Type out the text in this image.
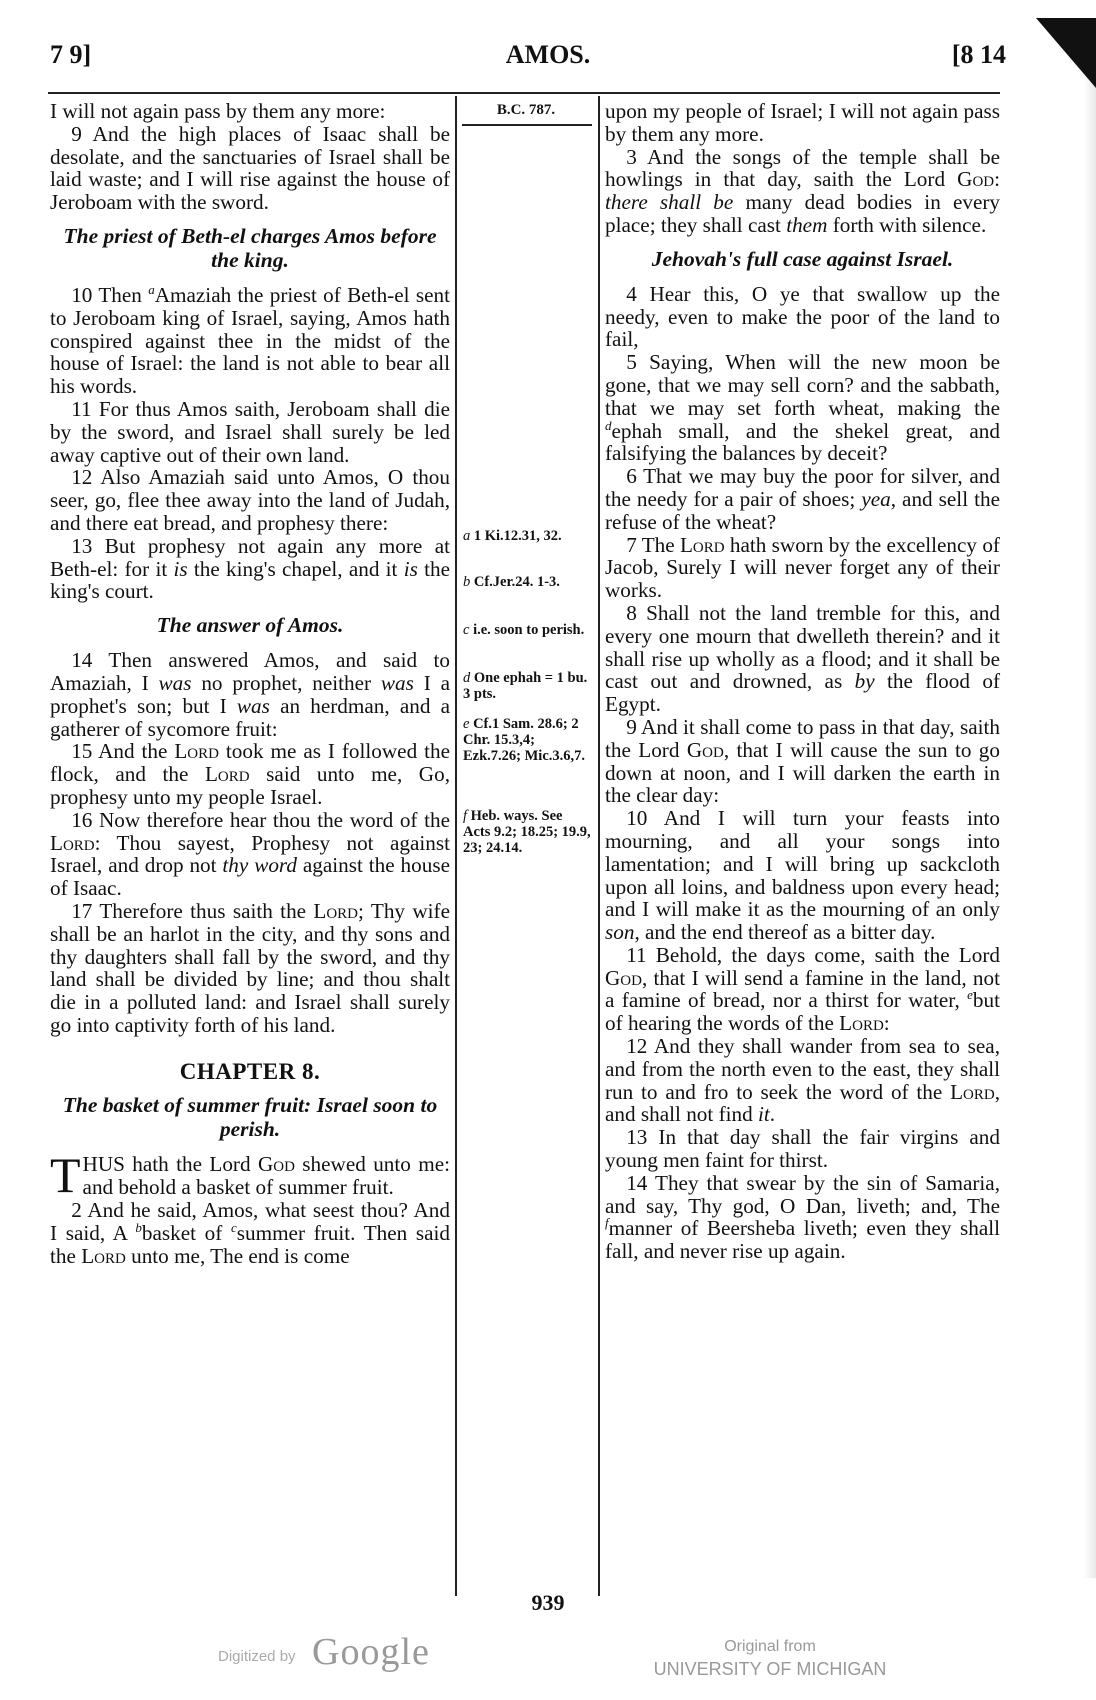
7 9]	AMOS.	[8 14

I will not again pass by them any more:

9 And the high places of Isaac shall be desolate, and the sanctuaries of Israel shall be laid waste; and I will rise against the house of Jeroboam with the sword.

The priest of Beth-el charges Amos before the king.

10 Then $^a$Amaziah the priest of Beth-el sent to Jeroboam king of Israel, saying, Amos hath conspired against thee in the midst of the house of Israel: the land is not able to bear all his words.

11 For thus Amos saith, Jeroboam shall die by the sword, and Israel shall surely be led away captive out of their own land.

12 Also Amaziah said unto Amos, O thou seer, go, flee thee away into the land of Judah, and there eat bread, and prophesy there:

13 But prophesy not again any more at Beth-el: for it is the king's chapel, and it is the king's court.

The answer of Amos.

14 Then answered Amos, and said to Amaziah, I was no prophet, neither was I a prophet's son; but I was an herdman, and a gatherer of sycomore fruit:

15 And the Lord took me as I followed the flock, and the Lord said unto me, Go, prophesy unto my people Israel.

16 Now therefore hear thou the word of the Lord: Thou sayest, Prophesy not against Israel, and drop not thy word against the house of Isaac.

17 Therefore thus saith the Lord; Thy wife shall be an harlot in the city, and thy sons and thy daughters shall fall by the sword, and thy land shall be divided by line; and thou shalt die in a polluted land: and Israel shall surely go into captivity forth of his land.

CHAPTER 8.

The basket of summer fruit: Israel soon to perish.

THUS hath the Lord God shewed unto me: and behold a basket of summer fruit.

2 And he said, Amos, what seest thou? And I said, A $^b$basket of $^c$summer fruit. Then said the Lord unto me, The end is come

B.C. 787.
a 1 Ki.12.31, 32.
b Cf.Jer.24. 1-3.
c i.e. soon to perish.
d One ephah = 1 bu. 3 pts.
e Cf.1 Sam. 28.6; 2 Chr. 15.3,4; Ezk.7.26; Mic.3.6,7.
f Heb. ways. See Acts 9.2; 18.25; 19.9, 23; 24.14.

upon my people of Israel; I will not again pass by them any more.

3 And the songs of the temple shall be howlings in that day, saith the Lord God: there shall be many dead bodies in every place; they shall cast them forth with silence.

Jehovah's full case against Israel.

4 Hear this, O ye that swallow up the needy, even to make the poor of the land to fail,

5 Saying, When will the new moon be gone, that we may sell corn? and the sabbath, that we may set forth wheat, making the $^d$ephah small, and the shekel great, and falsifying the balances by deceit?

6 That we may buy the poor for silver, and the needy for a pair of shoes; yea, and sell the refuse of the wheat?

7 The Lord hath sworn by the excellency of Jacob, Surely I will never forget any of their works.

8 Shall not the land tremble for this, and every one mourn that dwelleth therein? and it shall rise up wholly as a flood; and it shall be cast out and drowned, as by the flood of Egypt.

9 And it shall come to pass in that day, saith the Lord God, that I will cause the sun to go down at noon, and I will darken the earth in the clear day:

10 And I will turn your feasts into mourning, and all your songs into lamentation; and I will bring up sackcloth upon all loins, and baldness upon every head; and I will make it as the mourning of an only son, and the end thereof as a bitter day.

11 Behold, the days come, saith the Lord God, that I will send a famine in the land, not a famine of bread, nor a thirst for water, $^e$but of hearing the words of the Lord:

12 And they shall wander from sea to sea, and from the north even to the east, they shall run to and fro to seek the word of the Lord, and shall not find it.

13 In that day shall the fair virgins and young men faint for thirst.

14 They that swear by the sin of Samaria, and say, Thy god, O Dan, liveth; and, The $^f$manner of Beersheba liveth; even they shall fall, and never rise up again.

939
Digitized by Google	Original from
UNIVERSITY OF MICHIGAN
